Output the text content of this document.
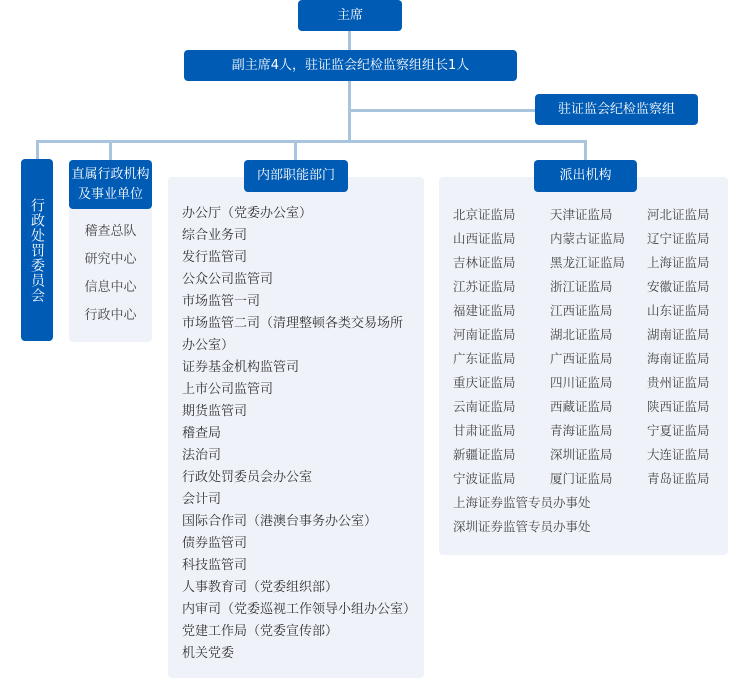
主席
副主席4人，驻证监会纪检监察组组长1人
驻证监会纪检监察组
行政处罚委员会
直属行政机构及事业单位
稽查总队
研究中心
信息中心
行政中心
内部职能部门
办公厅（党委办公室）
综合业务司
发行监管司
公众公司监管司
市场监管一司
市场监管二司（清理整顿各类交易场所
办公室）
证券基金机构监管司
上市公司监管司
期货监管司
稽查局
法治司
行政处罚委员会办公室
会计司
国际合作司（港澳台事务办公室）
债券监管司
科技监管司
人事教育司（党委组织部）
内审司（党委巡视工作领导小组办公室）
党建工作局（党委宣传部）
机关党委
派出机构
北京证监局	天津证监局	河北证监局
山西证监局	内蒙古证监局	辽宁证监局
吉林证监局	黑龙江证监局	上海证监局
江苏证监局	浙江证监局	安徽证监局
福建证监局	江西证监局	山东证监局
河南证监局	湖北证监局	湖南证监局
广东证监局	广西证监局	海南证监局
重庆证监局	四川证监局	贵州证监局
云南证监局	西藏证监局	陕西证监局
甘肃证监局	青海证监局	宁夏证监局
新疆证监局	深圳证监局	大连证监局
宁波证监局	厦门证监局	青岛证监局
上海证券监管专员办事处
深圳证券监管专员办事处
